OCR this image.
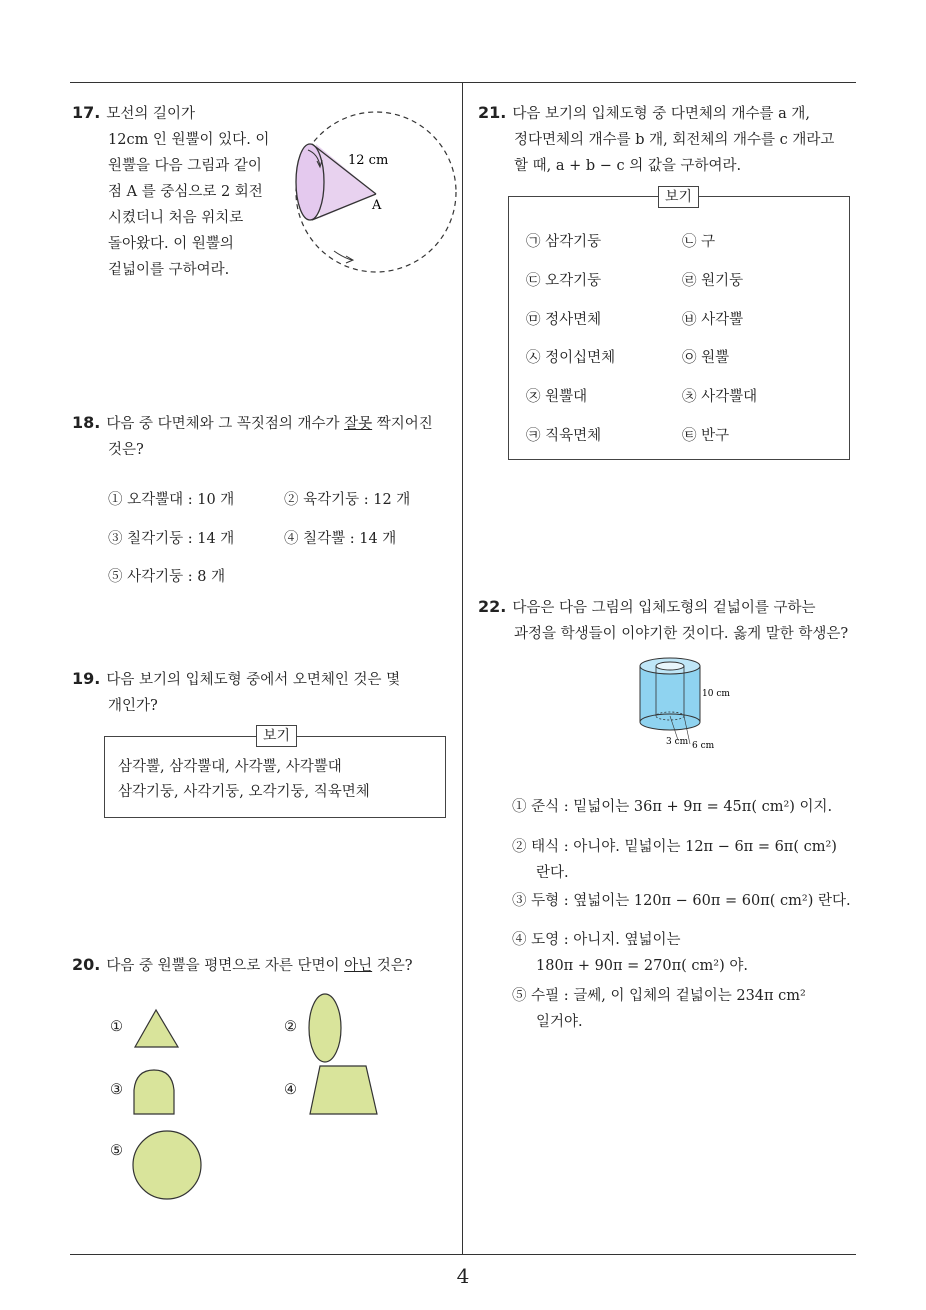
4
17. 모선의 길이가
12cm 인 원뿔이 있다. 이
원뿔을 다음 그림과 같이
점 A 를 중심으로 2 회전
시켰더니 처음 위치로
돌아왔다. 이 원뿔의
겉넓이를 구하여라.
12 cm
A
18. 다음 중 다면체와 그 꼭짓점의 개수가 잘못 짝지어진
것은?
① 오각뿔대 : 10 개	② 육각기둥 : 12 개
③ 칠각기둥 : 14 개	④ 칠각뿔 : 14 개
⑤ 사각기둥 : 8 개
19. 다음 보기의 입체도형 중에서 오면체인 것은 몇
개인가?
보기
삼각뿔, 삼각뿔대, 사각뿔, 사각뿔대
삼각기둥, 사각기둥, 오각기둥, 직육면체
20. 다음 중 원뿔을 평면으로 자른 단면이 아닌 것은?
①	②
③	④
⑤
21. 다음 보기의 입체도형 중 다면체의 개수를 a 개,
정다면체의 개수를 b 개, 회전체의 개수를 c 개라고
할 때, a + b − c 의 값을 구하여라.
보기
㉠ 삼각기둥	㉡ 구
㉢ 오각기둥	㉣ 원기둥
㉤ 정사면체	㉥ 사각뿔
㉦ 정이십면체	㉧ 원뿔
㉨ 원뿔대	㉩ 사각뿔대
㉪ 직육면체	㉫ 반구
22. 다음은 다음 그림의 입체도형의 겉넓이를 구하는
과정을 학생들이 이야기한 것이다. 옳게 말한 학생은?
10 cm
3 cm 6 cm
① 준식 : 밑넓이는 36π + 9π = 45π( cm²) 이지.
② 태식 : 아니야. 밑넓이는 12π − 6π = 6π( cm²)
란다.
③ 두형 : 옆넓이는 120π − 60π = 60π( cm²) 란다.
④ 도영 : 아니지. 옆넓이는
180π + 90π = 270π( cm²) 야.
⑤ 수필 : 글쎄, 이 입체의 겉넓이는 234π cm²
일거야.
